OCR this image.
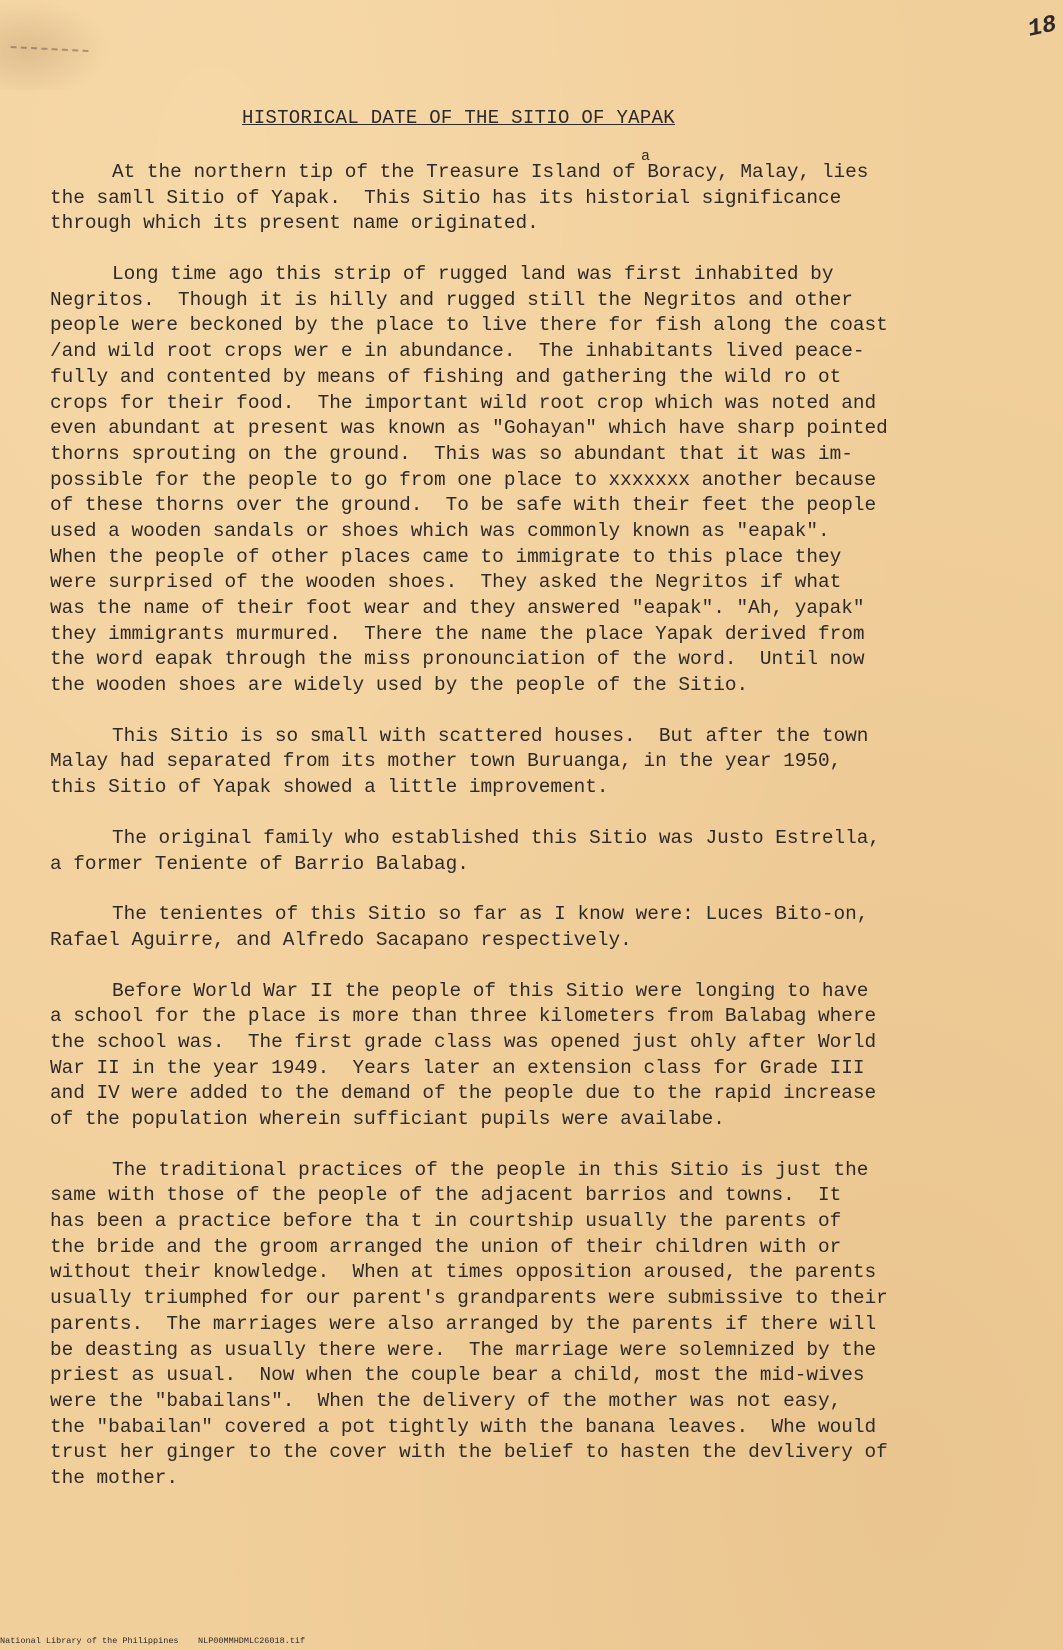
18
HISTORICAL DATE OF THE SITIO OF YAPAK
a
At the northern tip of the Treasure Island of Boracy, Malay, lies
the samll Sitio of Yapak.  This Sitio has its historial significance
through which its present name originated.
Long time ago this strip of rugged land was first inhabited by
Negritos.  Though it is hilly and rugged still the Negritos and other
people were beckoned by the place to live there for fish along the coast
/and wild root crops wer e in abundance.  The inhabitants lived peace-
fully and contented by means of fishing and gathering the wild ro ot
crops for their food.  The important wild root crop which was noted and
even abundant at present was known as "Gohayan" which have sharp pointed
thorns sprouting on the ground.  This was so abundant that it was im-
possible for the people to go from one place to xxxxxxx another because
of these thorns over the ground.  To be safe with their feet the people
used a wooden sandals or shoes which was commonly known as "eapak".
When the people of other places came to immigrate to this place they
were surprised of the wooden shoes.  They asked the Negritos if what
was the name of their foot wear and they answered "eapak". "Ah, yapak"
they immigrants murmured.  There the name the place Yapak derived from
the word eapak through the miss pronounciation of the word.  Until now
the wooden shoes are widely used by the people of the Sitio.
This Sitio is so small with scattered houses.  But after the town
Malay had separated from its mother town Buruanga, in the year 1950,
this Sitio of Yapak showed a little improvement.
The original family who established this Sitio was Justo Estrella,
a former Teniente of Barrio Balabag.
The tenientes of this Sitio so far as I know were: Luces Bito-on,
Rafael Aguirre, and Alfredo Sacapano respectively.
Before World War II the people of this Sitio were longing to have
a school for the place is more than three kilometers from Balabag where
the school was.  The first grade class was opened just ohly after World
War II in the year 1949.  Years later an extension class for Grade III
and IV were added to the demand of the people due to the rapid increase
of the population wherein sufficiant pupils were availabe.
The traditional practices of the people in this Sitio is just the
same with those of the people of the adjacent barrios and towns.  It
has been a practice before tha t in courtship usually the parents of
the bride and the groom arranged the union of their children with or
without their knowledge.  When at times opposition aroused, the parents
usually triumphed for our parent's grandparents were submissive to their
parents.  The marriages were also arranged by the parents if there will
be deasting as usually there were.  The marriage were solemnized by the
priest as usual.  Now when the couple bear a child, most the mid-wives
were the "babailans".  When the delivery of the mother was not easy,
the "babailan" covered a pot tightly with the banana leaves.  Whe would
trust her ginger to the cover with the belief to hasten the devlivery of
the mother.
National Library of the Philippines NLP00MMHDMLC26018.tif
